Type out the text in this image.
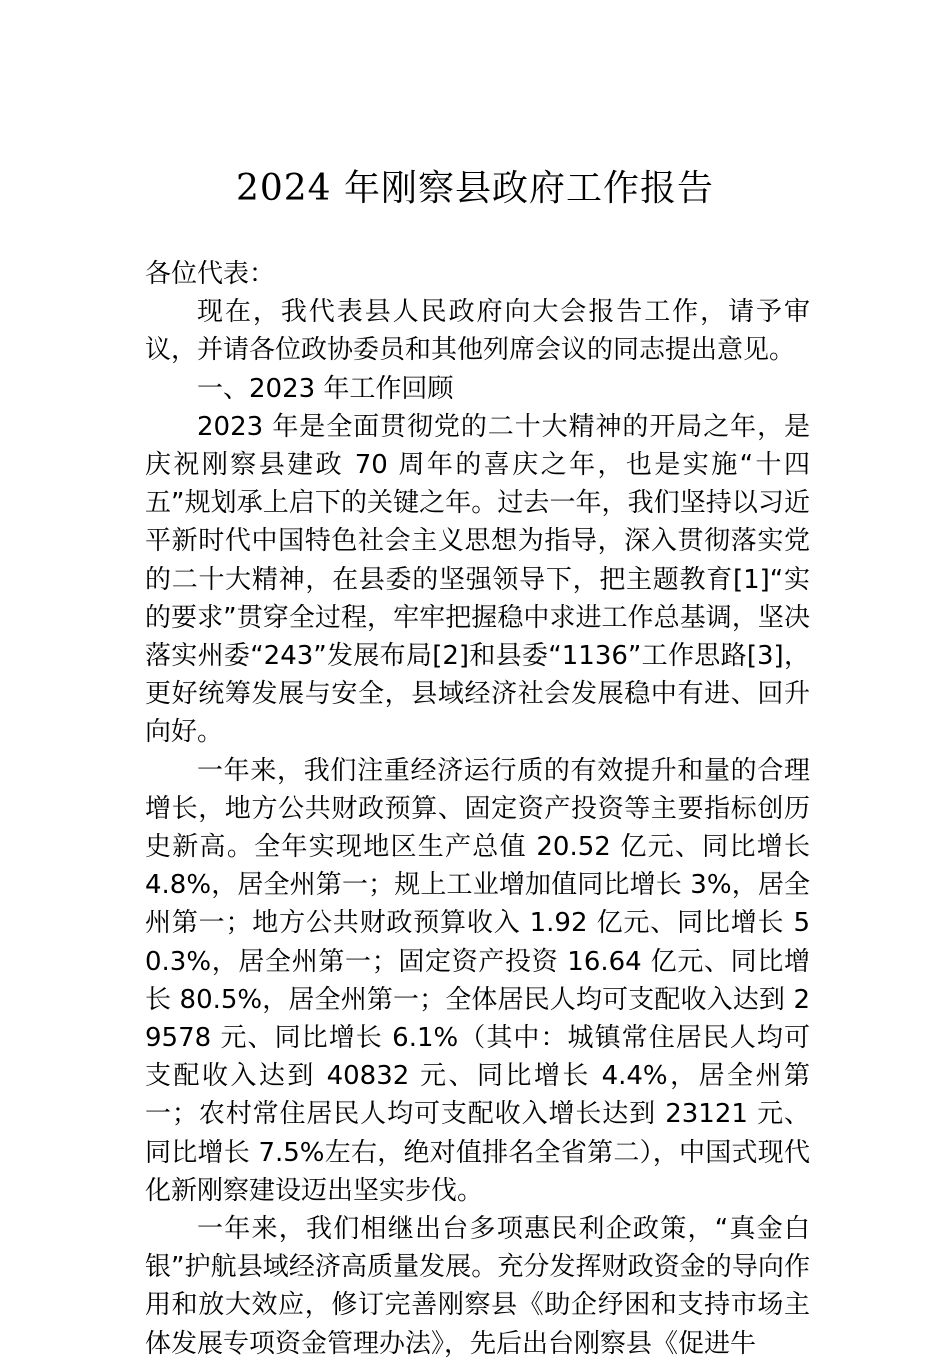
2024 年刚察县政府工作报告

各位代表：

现在，我代表县人民政府向大会报告工作，请予审议，并请各位政协委员和其他列席会议的同志提出意见。

一、2023 年工作回顾

2023 年是全面贯彻党的二十大精神的开局之年，是庆祝刚察县建政 70 周年的喜庆之年，也是实施“十四五”规划承上启下的关键之年。过去一年，我们坚持以习近平新时代中国特色社会主义思想为指导，深入贯彻落实党的二十大精神，在县委的坚强领导下，把主题教育[1]“实的要求”贯穿全过程，牢牢把握稳中求进工作总基调，坚决落实州委“243”发展布局[2]和县委“1136”工作思路[3]，更好统筹发展与安全，县域经济社会发展稳中有进、回升向好。

一年来，我们注重经济运行质的有效提升和量的合理增长，地方公共财政预算、固定资产投资等主要指标创历史新高。全年实现地区生产总值 20.52 亿元、同比增长 4.8%，居全州第一；规上工业增加值同比增长 3%，居全州第一；地方公共财政预算收入 1.92 亿元、同比增长 50.3%，居全州第一；固定资产投资 16.64 亿元、同比增长 80.5%，居全州第一；全体居民人均可支配收入达到 29578 元、同比增长 6.1%（其中：城镇常住居民人均可支配收入达到 40832 元、同比增长 4.4%，居全州第一；农村常住居民人均可支配收入增长达到 23121 元、同比增长 7.5%左右，绝对值排名全省第二），中国式现代化新刚察建设迈出坚实步伐。

一年来，我们相继出台多项惠民利企政策，“真金白银”护航县域经济高质量发展。充分发挥财政资金的导向作用和放大效应，修订完善刚察县《助企纾困和支持市场主体发展专项资金管理办法》，先后出台刚察县《促进牛
